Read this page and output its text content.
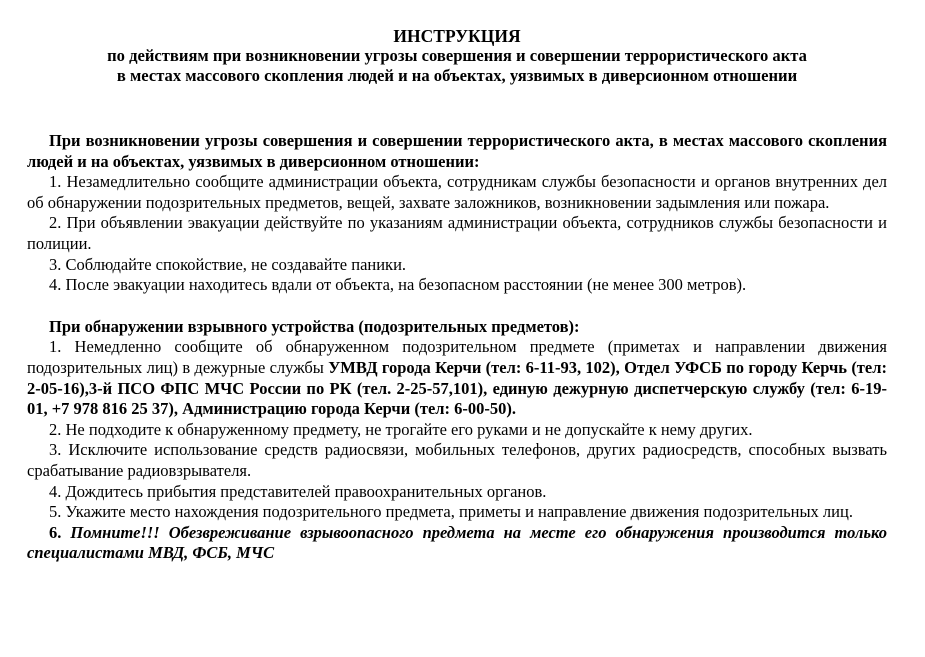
ИНСТРУКЦИЯ
по действиям при возникновении угрозы совершения и совершении террористического акта
в местах массового скопления людей и на объектах, уязвимых в диверсионном отношении

При возникновении угрозы совершения и совершении террористического акта, в местах массового скопления людей и на объектах, уязвимых в диверсионном отношении:

1. Незамедлительно сообщите администрации объекта, сотрудникам службы безопасности и органов внутренних дел об обнаружении подозрительных предметов, вещей, захвате заложников, возникновении задымления или пожара.

2. При объявлении эвакуации действуйте по указаниям администрации объекта, сотрудников службы безопасности и полиции.

3. Соблюдайте спокойствие, не создавайте паники.

4. После эвакуации находитесь вдали от объекта, на безопасном расстоянии (не менее 300 метров).

При обнаружении взрывного устройства (подозрительных предметов):

1. Немедленно сообщите об обнаруженном подозрительном предмете (приметах и направлении движения подозрительных лиц) в дежурные службы УМВД города Керчи (тел: 6-11-93, 102), Отдел УФСБ по городу Керчь (тел: 2-05-16),3-й ПСО ФПС МЧС России по РК (тел. 2-25-57,101), единую дежурную диспетчерскую службу (тел: 6-19-01, +7 978 816 25 37), Администрацию города Керчи (тел: 6-00-50).

2. Не подходите к обнаруженному предмету, не трогайте его руками и не допускайте к нему других.

3. Исключите использование средств радиосвязи, мобильных телефонов, других радиосредств, способных вызвать срабатывание радиовзрывателя.

4. Дождитесь прибытия представителей правоохранительных органов.

5. Укажите место нахождения подозрительного предмета, приметы и направление движения подозрительных лиц.

6. Помните!!! Обезвреживание взрывоопасного предмета на месте его обнаружения производится только специалистами МВД, ФСБ, МЧС
